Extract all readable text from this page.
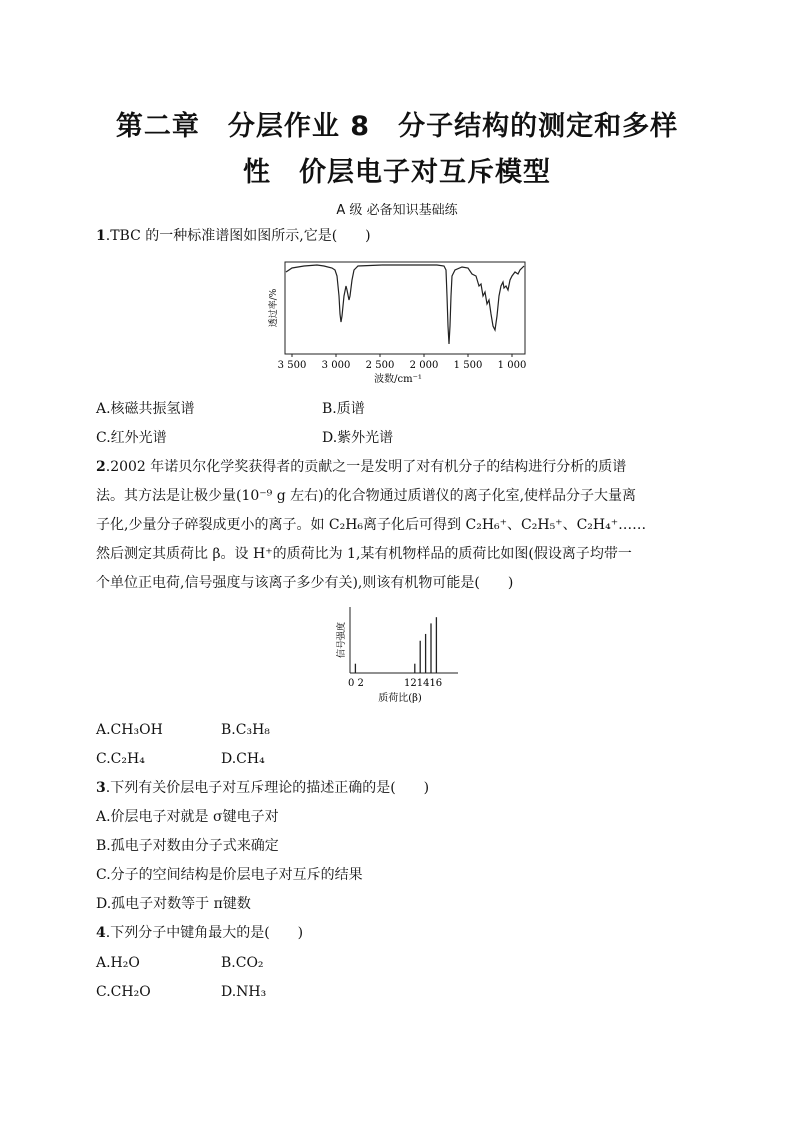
第二章　分层作业 8　分子结构的测定和多样
性　价层电子对互斥模型
A 级 必备知识基础练
1.TBC 的一种标准谱图如图所示,它是(　　)
3 500 3 000 2 500 2 000 1 500 1 000
波数/cm⁻¹
透过率/%
A.核磁共振氢谱	B.质谱
C.红外光谱	D.紫外光谱
2.2002 年诺贝尔化学奖获得者的贡献之一是发明了对有机分子的结构进行分析的质谱
法。其方法是让极少量(10⁻⁹ g 左右)的化合物通过质谱仪的离子化室,使样品分子大量离
子化,少量分子碎裂成更小的离子。如 C₂H₆离子化后可得到 C₂H₆⁺、C₂H₅⁺、C₂H₄⁺……
然后测定其质荷比 β。设 H⁺的质荷比为 1,某有机物样品的质荷比如图(假设离子均带一
个单位正电荷,信号强度与该离子多少有关),则该有机物可能是(　　)
0 2	121416
质荷比(β)
信号强度
A.CH₃OH	B.C₃H₈
C.C₂H₄	D.CH₄
3.下列有关价层电子对互斥理论的描述正确的是(　　)
A.价层电子对就是 σ键电子对
B.孤电子对数由分子式来确定
C.分子的空间结构是价层电子对互斥的结果
D.孤电子对数等于 π键数
4.下列分子中键角最大的是(　　)
A.H₂O	B.CO₂
C.CH₂O	D.NH₃
